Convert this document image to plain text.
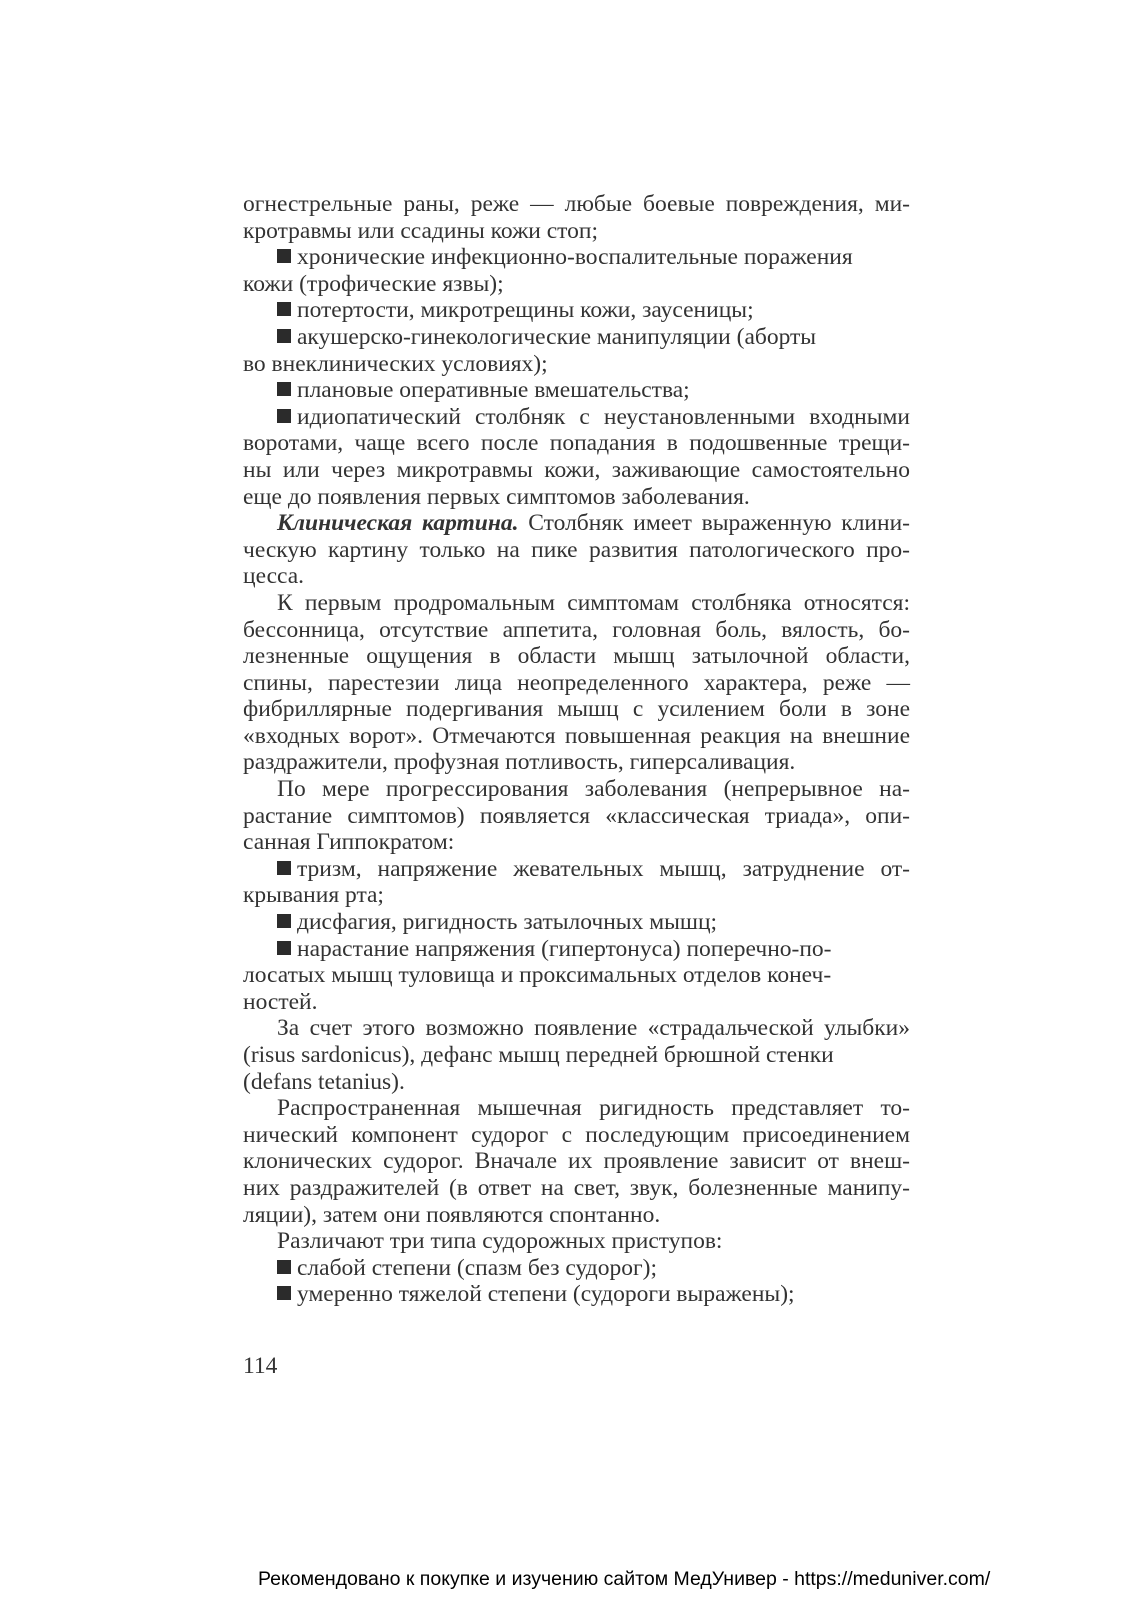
огнестрельные раны, реже — любые боевые повреждения, ми-
кротравмы или ссадины кожи стоп;
хронические инфекционно-воспалительные поражения
кожи (трофические язвы);
потертости, микротрещины кожи, заусеницы;
акушерско-гинекологические манипуляции (аборты
во внеклинических условиях);
плановые оперативные вмешательства;
идиопатический столбняк с неустановленными входными
воротами, чаще всего после попадания в подошвенные трещи-
ны или через микротравмы кожи, заживающие самостоятельно
еще до появления первых симптомов заболевания.
Клиническая картина. Столбняк имеет выраженную клини-
ческую картину только на пике развития патологического про-
цесса.
К первым продромальным симптомам столбняка относятся:
бессонница, отсутствие аппетита, головная боль, вялость, бо-
лезненные ощущения в области мышц затылочной области,
спины, парестезии лица неопределенного характера, реже —
фибриллярные подергивания мышц с усилением боли в зоне
«входных ворот». Отмечаются повышенная реакция на внешние
раздражители, профузная потливость, гиперсаливация.
По мере прогрессирования заболевания (непрерывное на-
растание симптомов) появляется «классическая триада», опи-
санная Гиппократом:
тризм, напряжение жевательных мышц, затруднение от-
крывания рта;
дисфагия, ригидность затылочных мышц;
нарастание напряжения (гипертонуса) поперечно-по-
лосатых мышц туловища и проксимальных отделов конеч-
ностей.
За счет этого возможно появление «страдальческой улыбки»
(risus sardonicus), дефанс мышц передней брюшной стенки
(defans tetanius).
Распространенная мышечная ригидность представляет то-
нический компонент судорог с последующим присоединением
клонических судорог. Вначале их проявление зависит от внеш-
них раздражителей (в ответ на свет, звук, болезненные манипу-
ляции), затем они появляются спонтанно.
Различают три типа судорожных приступов:
слабой степени (спазм без судорог);
умеренно тяжелой степени (судороги выражены);
114
Рекомендовано к покупке и изучению сайтом МедУнивер - https://meduniver.com/
